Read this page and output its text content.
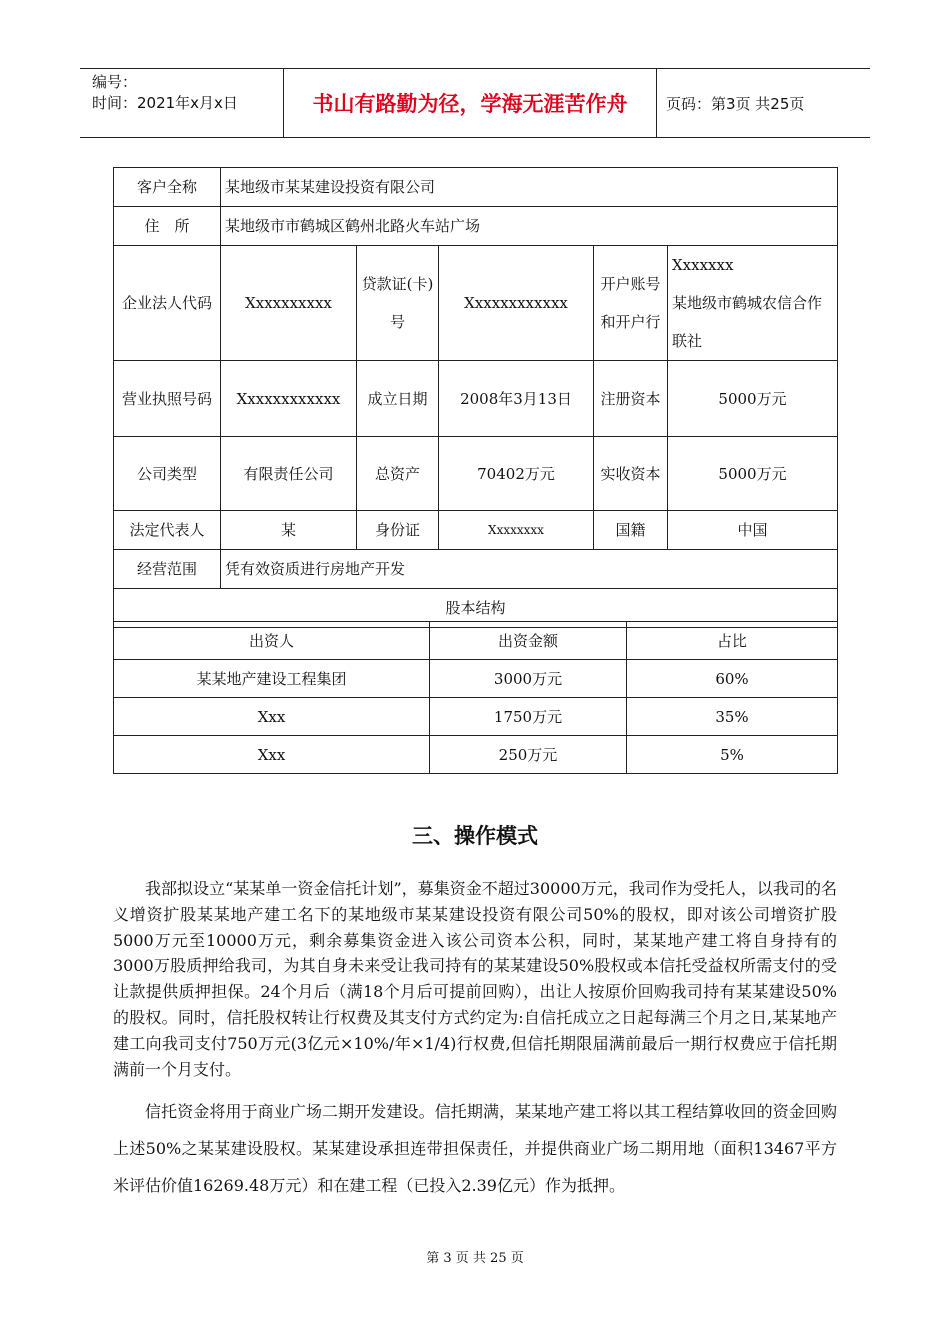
编号：
时间：2021年x月x日	书山有路勤为径，学海无涯苦作舟	页码：第3页 共25页
客户全称	某地级市某某建设投资有限公司				
住　所	某地级市市鹤城区鹤州北路火车站广场				
企业法人代码	Xxxxxxxxxx	贷款证(卡)号	Xxxxxxxxxxxx	开户账号和开户行	Xxxxxxx
某地级市鹤城农信合作联社

营业执照号码	Xxxxxxxxxxxx	成立日期	2008年3月13日	注册资本	5000万元
公司类型	有限责任公司	总资产	70402万元	实收资本	5000万元
法定代表人	某	身份证	Xxxxxxxx	国籍	中国
经营范围	凭有效资质进行房地产开发				
股本结构					
出资人	出资金额	占比
某某地产建设工程集团	3000万元	60%
Xxx	1750万元	35%
Xxx	250万元	5%
三、操作模式

我部拟设立“某某单一资金信托计划”，募集资金不超过30000万元，我司作为受托人，以我司的名义增资扩股某某地产建工名下的某地级市某某建设投资有限公司50%的股权，即对该公司增资扩股5000万元至10000万元，剩余募集资金进入该公司资本公积，同时，某某地产建工将自身持有的3000万股质押给我司，为其自身未来受让我司持有的某某建设50%股权或本信托受益权所需支付的受让款提供质押担保。24个月后（满18个月后可提前回购），出让人按原价回购我司持有某某建设50%的股权。同时，信托股权转让行权费及其支付方式约定为:自信托成立之日起每满三个月之日,某某地产建工向我司支付750万元(3亿元×10%/年×1/4)行权费,但信托期限届满前最后一期行权费应于信托期满前一个月支付。

信托资金将用于商业广场二期开发建设。信托期满，某某地产建工将以其工程结算收回的资金回购上述50%之某某建设股权。某某建设承担连带担保责任，并提供商业广场二期用地（面积13467平方米评估价值16269.48万元）和在建工程（已投入2.39亿元）作为抵押。

第 3 页 共 25 页
